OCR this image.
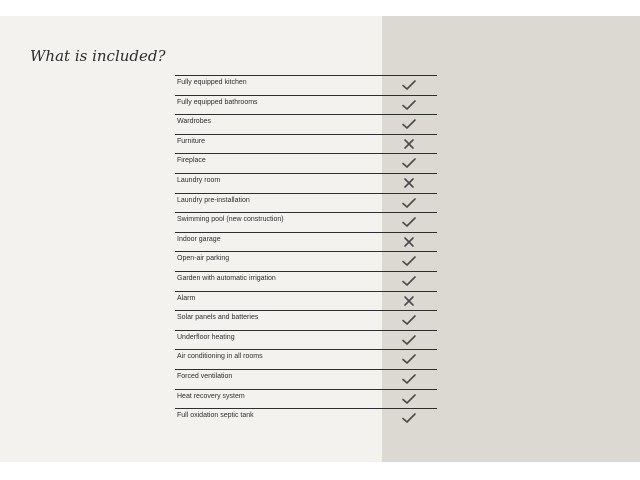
O V R R V R R
What is included?
Fully equipped kitchen
Fully equipped bathrooms
Wardrobes
Furniture
Fireplace
Laundry room
Laundry pre-installation
Swimming pool (new construction)
Indoor garage
Open-air parking
Garden with automatic irrigation
Alarm
Solar panels and batteries
Underfloor heating
Air conditioning in all rooms
Forced ventilation
Heat recovery system
Full oxidation septic tank
